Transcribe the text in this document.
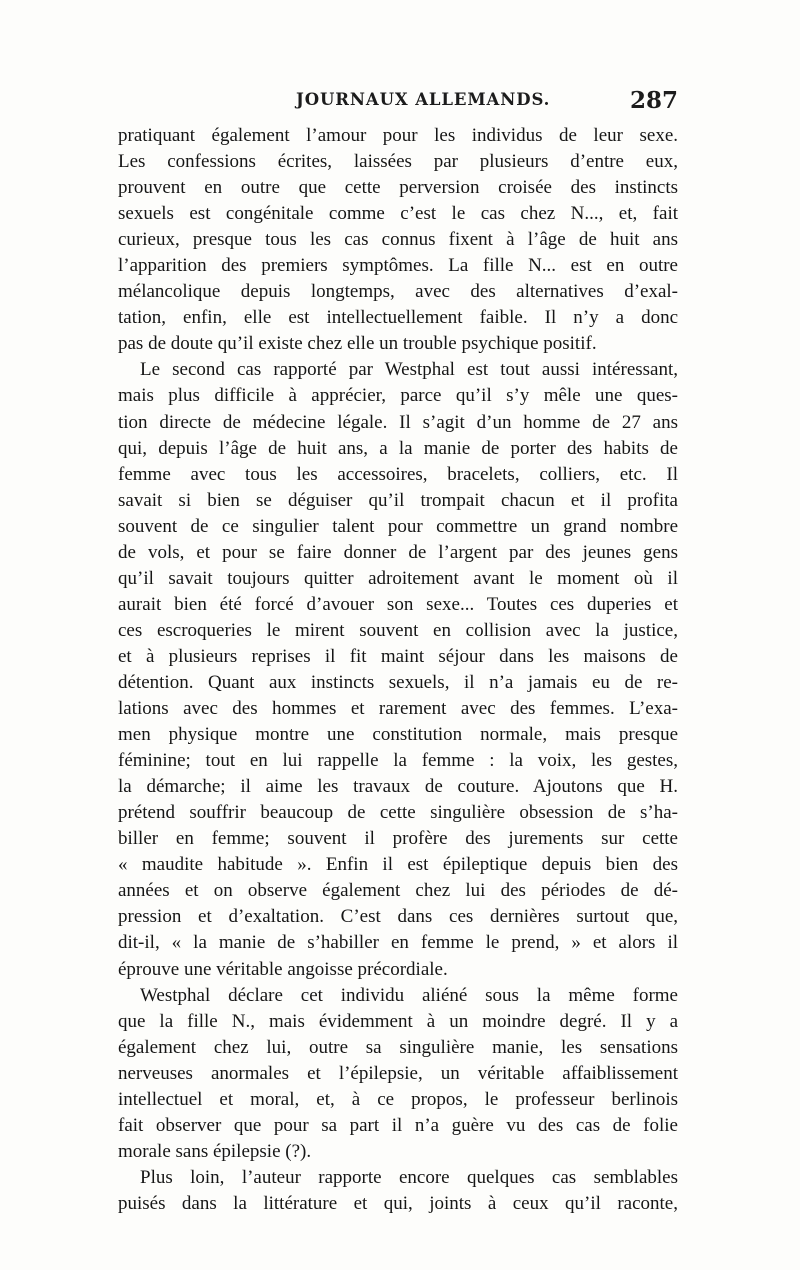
JOURNAUX ALLEMANDS.	287
pratiquant également l’amour pour les individus de leur sexe.
Les confessions écrites, laissées par plusieurs d’entre eux,
prouvent en outre que cette perversion croisée des instincts
sexuels est congénitale comme c’est le cas chez N..., et, fait
curieux, presque tous les cas connus fixent à l’âge de huit ans
l’apparition des premiers symptômes. La fille N... est en outre
mélancolique depuis longtemps, avec des alternatives d’exal-
tation, enfin, elle est intellectuellement faible. Il n’y a donc
pas de doute qu’il existe chez elle un trouble psychique positif.
Le second cas rapporté par Westphal est tout aussi intéressant,
mais plus difficile à apprécier, parce qu’il s’y mêle une ques-
tion directe de médecine légale. Il s’agit d’un homme de 27 ans
qui, depuis l’âge de huit ans, a la manie de porter des habits de
femme avec tous les accessoires, bracelets, colliers, etc. Il
savait si bien se déguiser qu’il trompait chacun et il profita
souvent de ce singulier talent pour commettre un grand nombre
de vols, et pour se faire donner de l’argent par des jeunes gens
qu’il savait toujours quitter adroitement avant le moment où il
aurait bien été forcé d’avouer son sexe... Toutes ces duperies et
ces escroqueries le mirent souvent en collision avec la justice,
et à plusieurs reprises il fit maint séjour dans les maisons de
détention. Quant aux instincts sexuels, il n’a jamais eu de re-
lations avec des hommes et rarement avec des femmes. L’exa-
men physique montre une constitution normale, mais presque
féminine; tout en lui rappelle la femme : la voix, les gestes,
la démarche; il aime les travaux de couture. Ajoutons que H.
prétend souffrir beaucoup de cette singulière obsession de s’ha-
biller en femme; souvent il profère des jurements sur cette
« maudite habitude ». Enfin il est épileptique depuis bien des
années et on observe également chez lui des périodes de dé-
pression et d’exaltation. C’est dans ces dernières surtout que,
dit-il, « la manie de s’habiller en femme le prend, » et alors il
éprouve une véritable angoisse précordiale.
Westphal déclare cet individu aliéné sous la même forme
que la fille N., mais évidemment à un moindre degré. Il y a
également chez lui, outre sa singulière manie, les sensations
nerveuses anormales et l’épilepsie, un véritable affaiblissement
intellectuel et moral, et, à ce propos, le professeur berlinois
fait observer que pour sa part il n’a guère vu des cas de folie
morale sans épilepsie (?).
Plus loin, l’auteur rapporte encore quelques cas semblables
puisés dans la littérature et qui, joints à ceux qu’il raconte,
